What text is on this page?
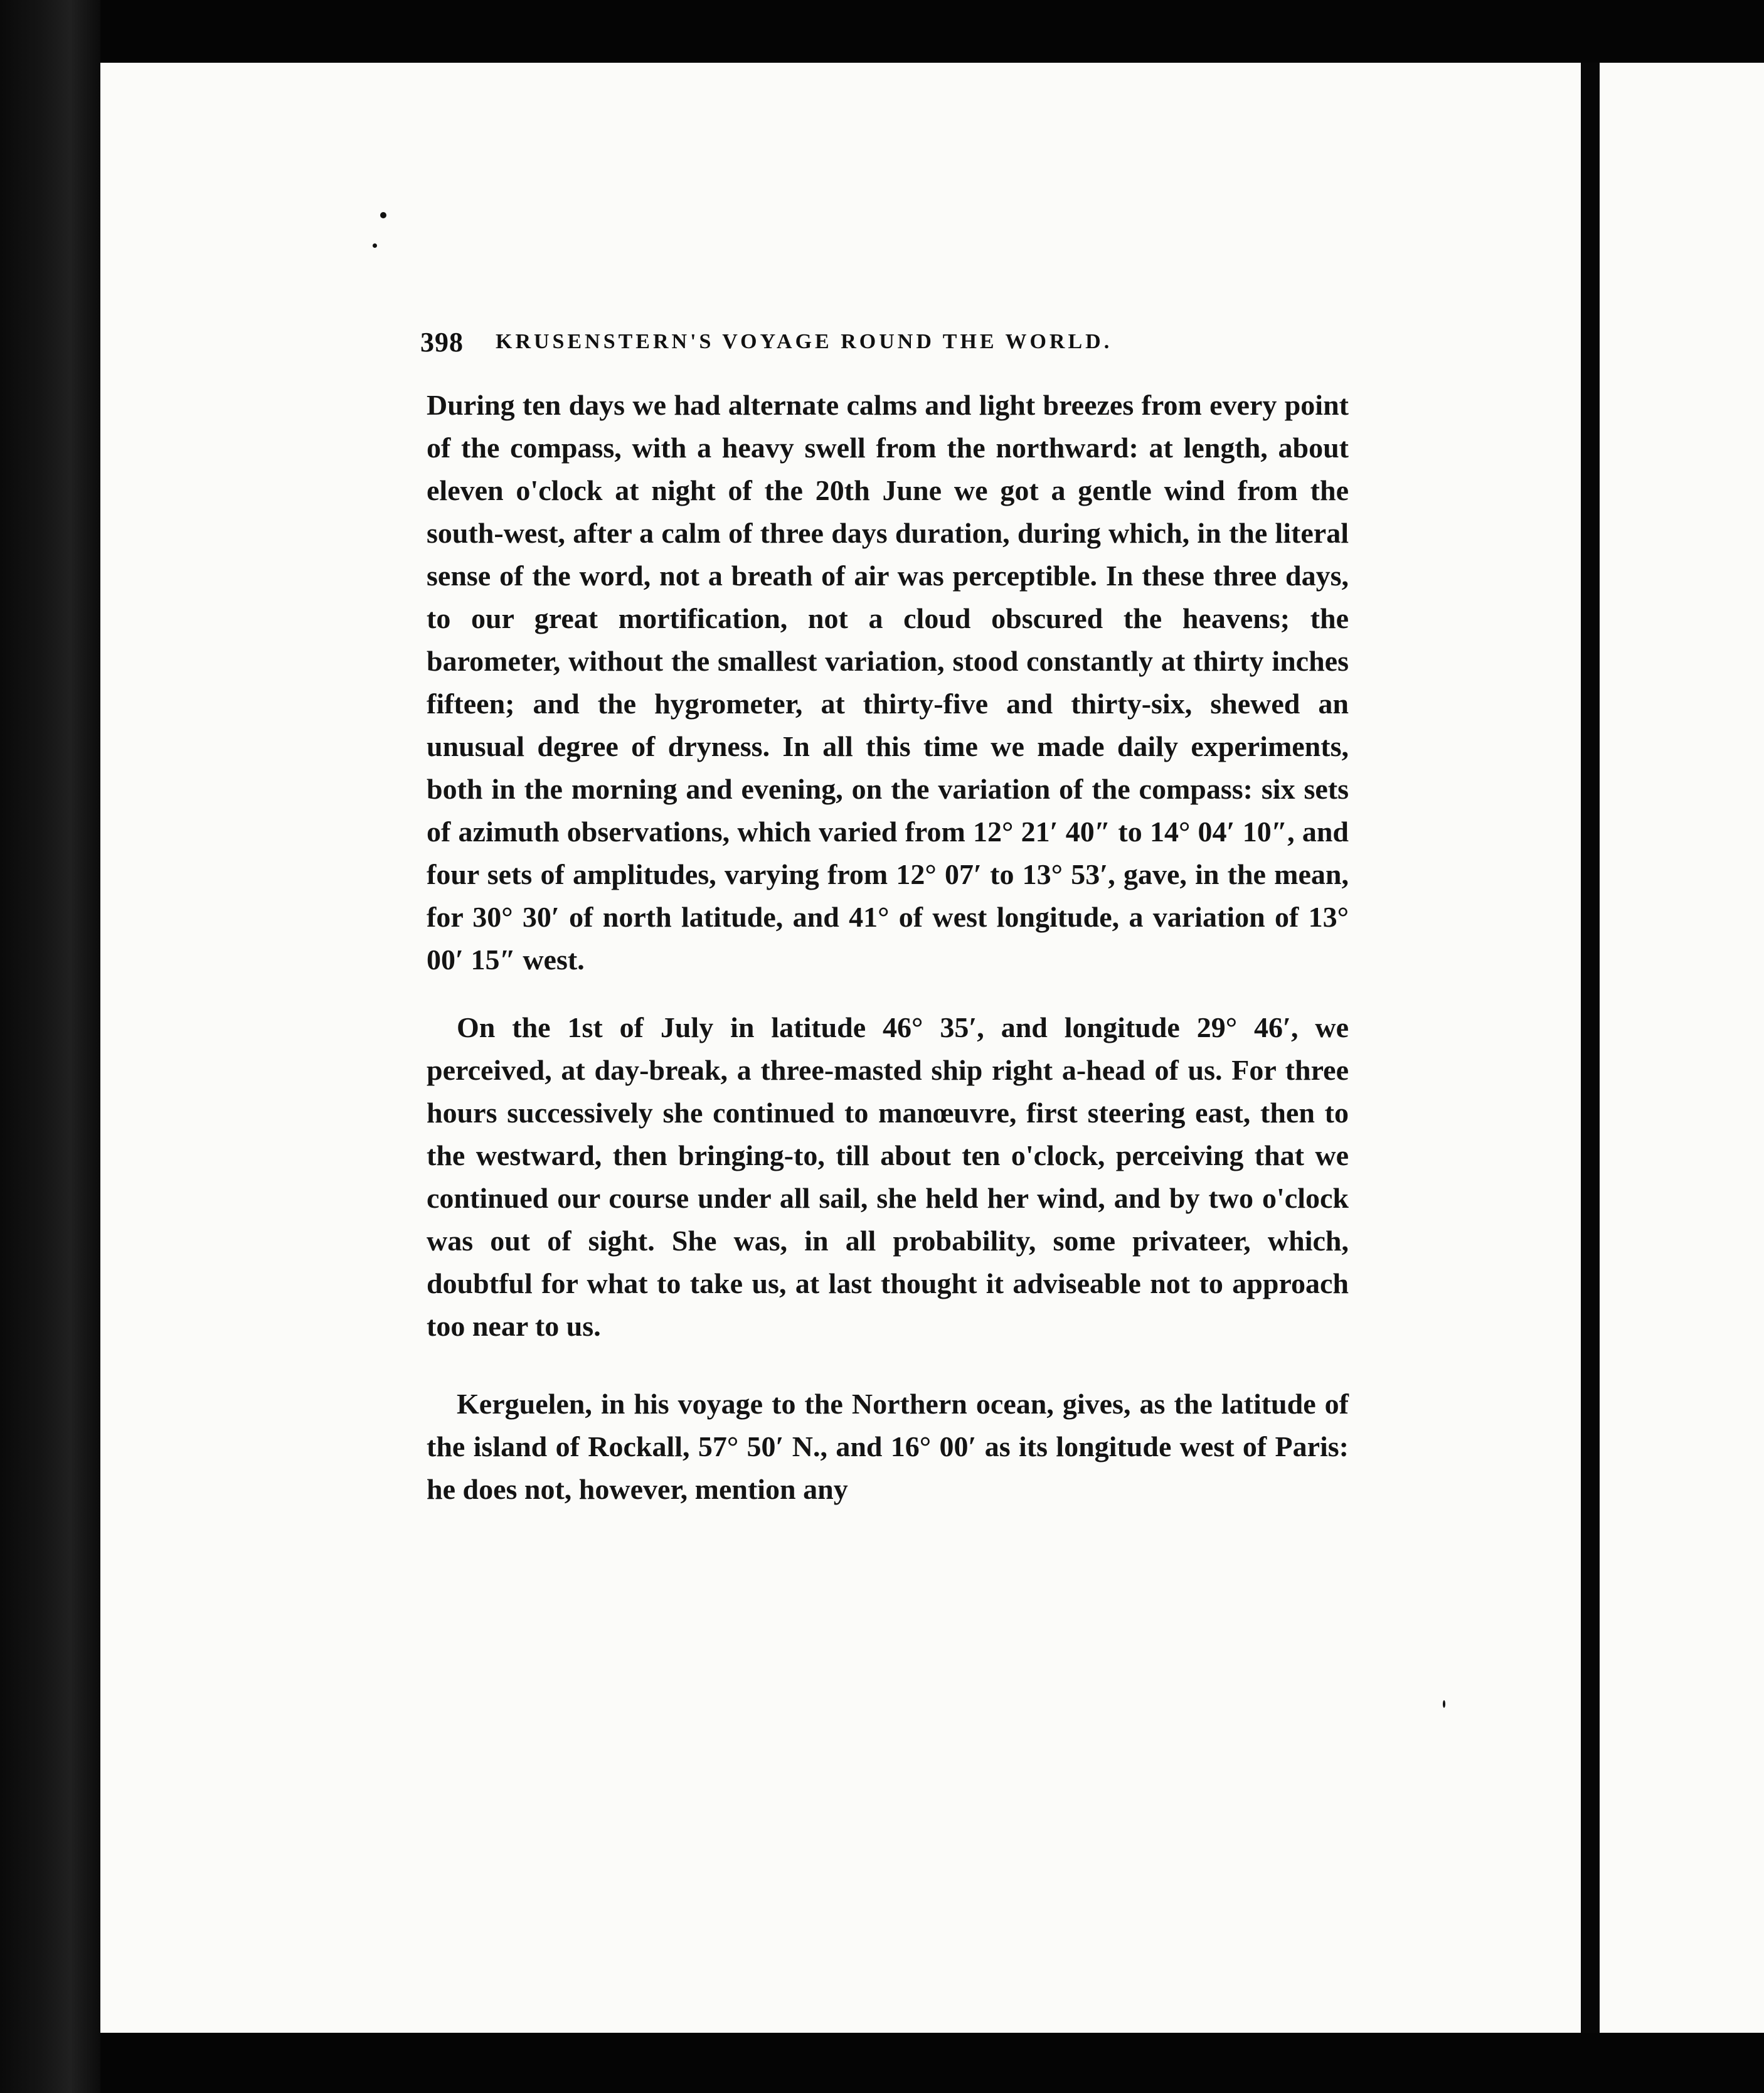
398 KRUSENSTERN'S VOYAGE ROUND THE WORLD.

During ten days we had alternate calms and light breezes from every point of the compass, with a heavy swell from the northward: at length, about eleven o'clock at night of the 20th June we got a gentle wind from the south-west, after a calm of three days duration, during which, in the literal sense of the word, not a breath of air was perceptible. In these three days, to our great mortification, not a cloud obscured the heavens; the barometer, without the smallest variation, stood constantly at thirty inches fifteen; and the hygrometer, at thirty-five and thirty-six, shewed an unusual degree of dryness. In all this time we made daily experiments, both in the morning and evening, on the variation of the compass: six sets of azimuth observations, which varied from 12° 21′ 40″ to 14° 04′ 10″, and four sets of amplitudes, varying from 12° 07′ to 13° 53′, gave, in the mean, for 30° 30′ of north latitude, and 41° of west longitude, a variation of 13° 00′ 15″ west.

On the 1st of July in latitude 46° 35′, and longitude 29° 46′, we perceived, at day-break, a three-masted ship right a-head of us. For three hours successively she continued to manœuvre, first steering east, then to the westward, then bringing-to, till about ten o'clock, perceiving that we continued our course under all sail, she held her wind, and by two o'clock was out of sight. She was, in all probability, some privateer, which, doubtful for what to take us, at last thought it adviseable not to approach too near to us.

Kerguelen, in his voyage to the Northern ocean, gives, as the latitude of the island of Rockall, 57° 50′ N., and 16° 00′ as its longitude west of Paris: he does not, however, mention any
